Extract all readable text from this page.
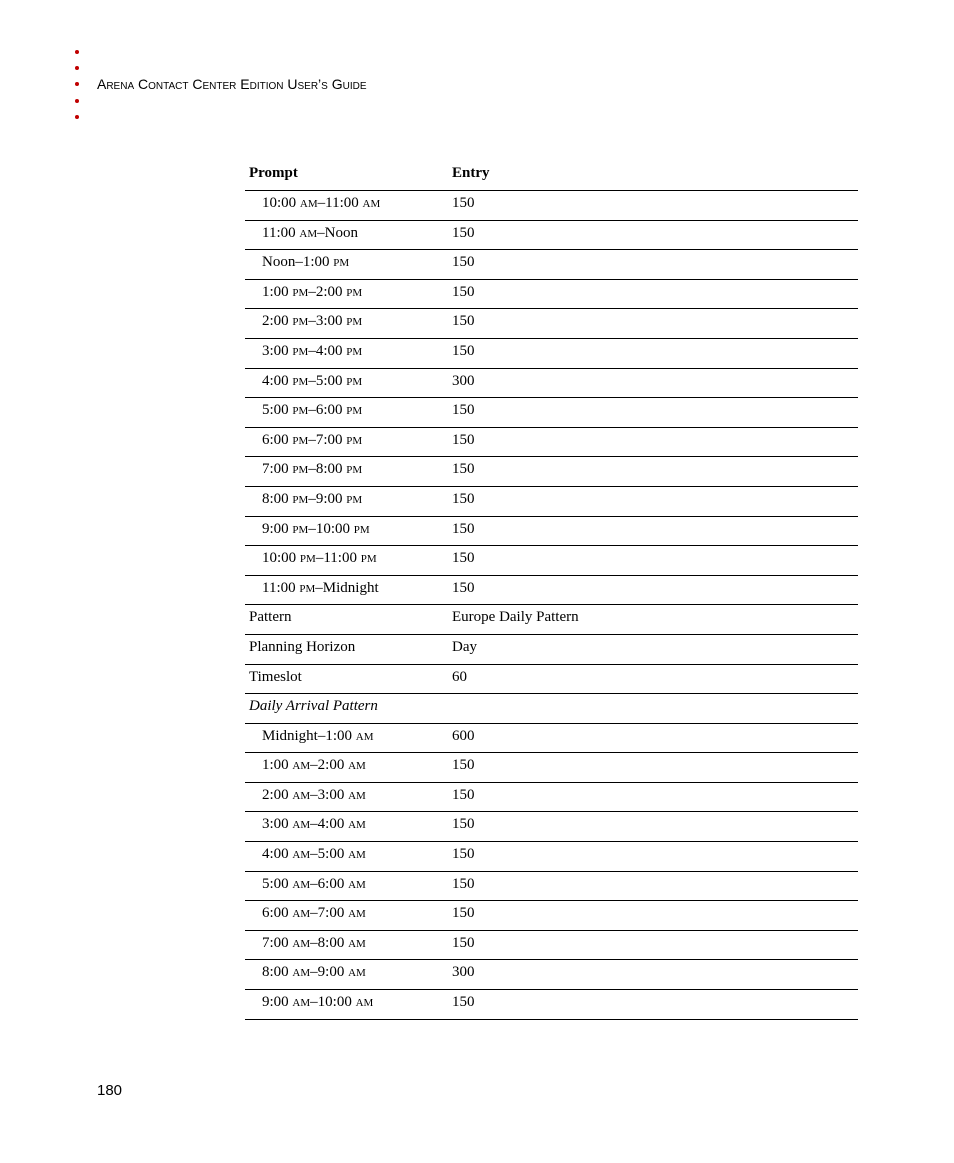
Arena Contact Center Edition User’s Guide
Prompt	Entry
10:00 am–11:00 am	150
11:00 am–Noon	150
Noon–1:00 pm	150
1:00 pm–2:00 pm	150
2:00 pm–3:00 pm	150
3:00 pm–4:00 pm	150
4:00 pm–5:00 pm	300
5:00 pm–6:00 pm	150
6:00 pm–7:00 pm	150
7:00 pm–8:00 pm	150
8:00 pm–9:00 pm	150
9:00 pm–10:00 pm	150
10:00 pm–11:00 pm	150
11:00 pm–Midnight	150
Pattern	Europe Daily Pattern
Planning Horizon	Day
Timeslot	60
Daily Arrival Pattern
Midnight–1:00 am	600
1:00 am–2:00 am	150
2:00 am–3:00 am	150
3:00 am–4:00 am	150
4:00 am–5:00 am	150
5:00 am–6:00 am	150
6:00 am–7:00 am	150
7:00 am–8:00 am	150
8:00 am–9:00 am	300
9:00 am–10:00 am	150
180
